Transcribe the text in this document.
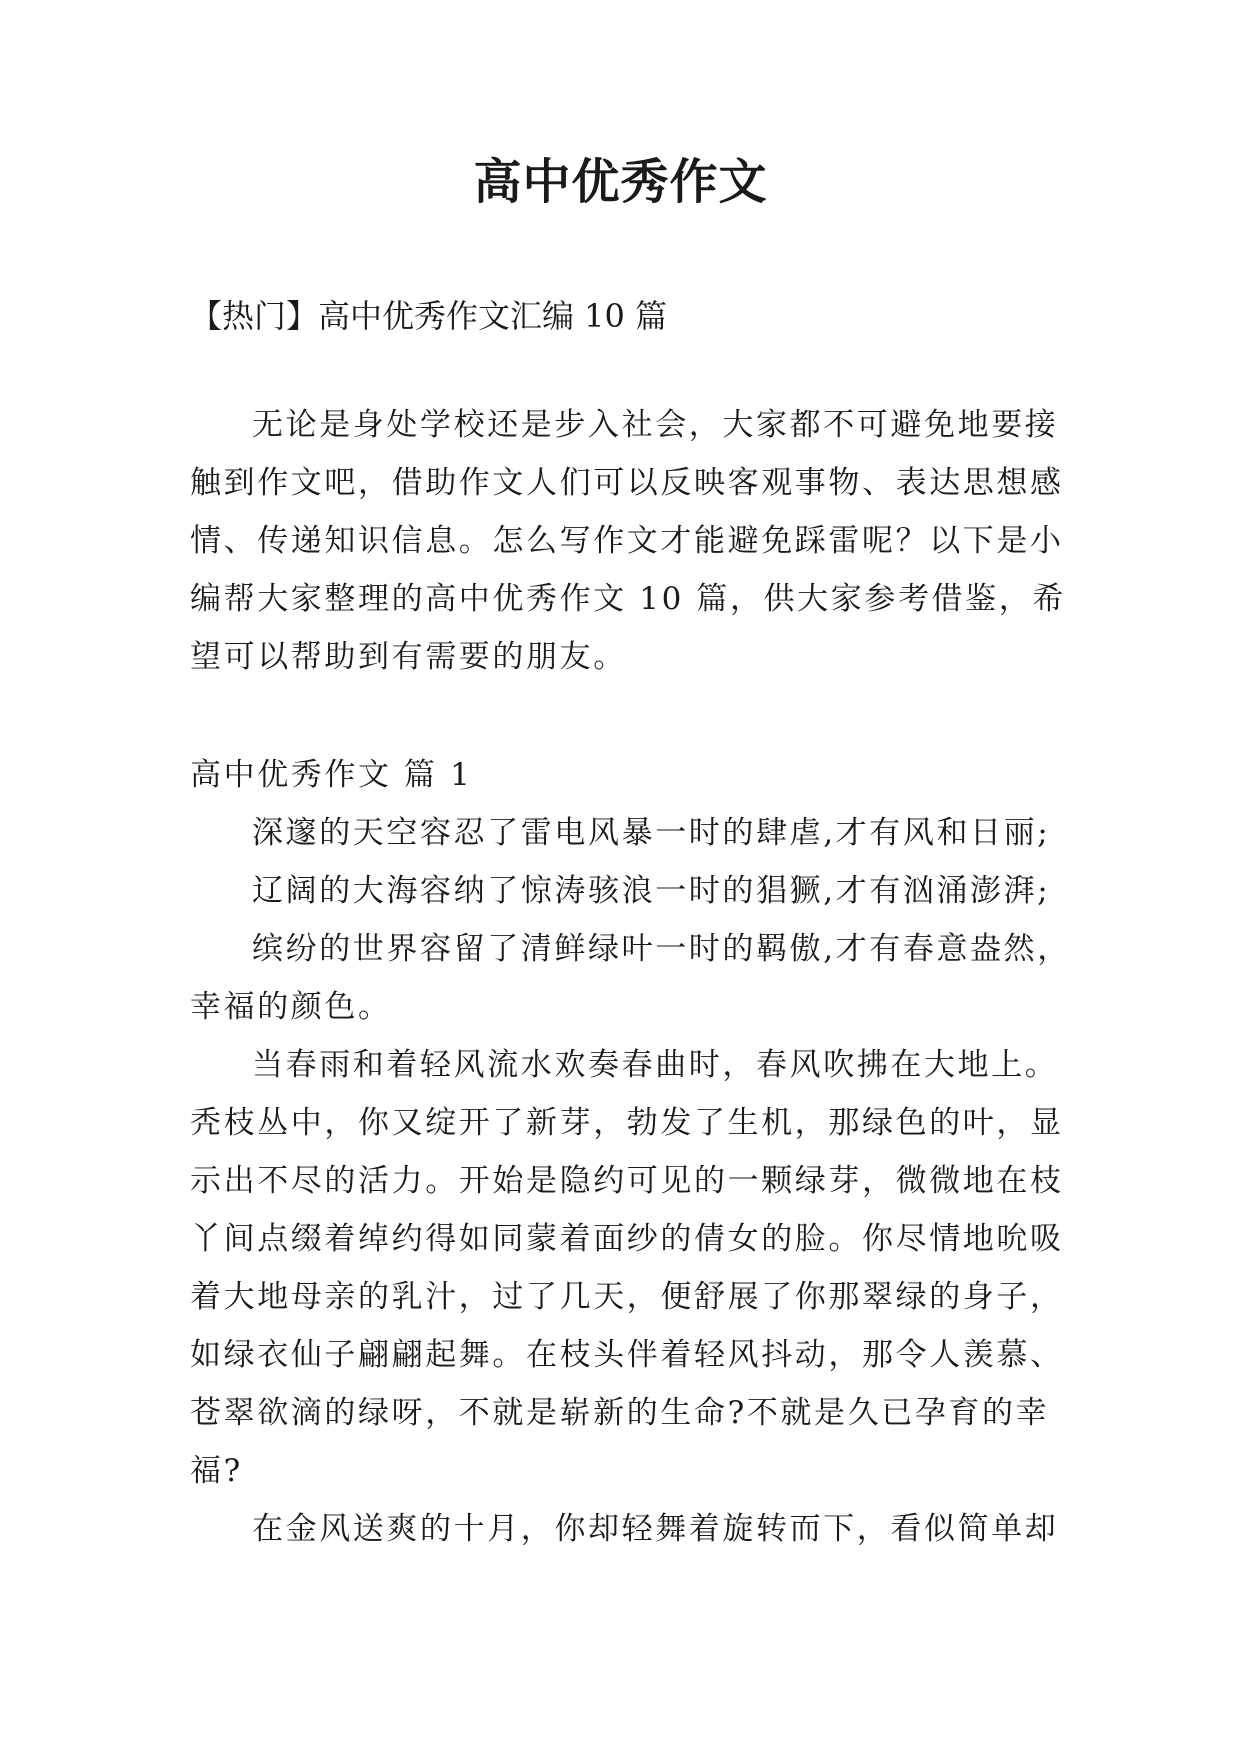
高中优秀作文
【热门】高中优秀作文汇编 10 篇
无论是身处学校还是步入社会，大家都不可避免地要接
触到作文吧，借助作文人们可以反映客观事物、表达思想感
情、传递知识信息。怎么写作文才能避免踩雷呢？以下是小
编帮大家整理的高中优秀作文 10 篇，供大家参考借鉴，希
望可以帮助到有需要的朋友。
高中优秀作文 篇 1
深邃的天空容忍了雷电风暴一时的肆虐,才有风和日丽;
辽阔的大海容纳了惊涛骇浪一时的猖獗,才有汹涌澎湃;
缤纷的世界容留了清鲜绿叶一时的羁傲,才有春意盎然，
幸福的颜色。
当春雨和着轻风流水欢奏春曲时，春风吹拂在大地上。
秃枝丛中，你又绽开了新芽，勃发了生机，那绿色的叶，显
示出不尽的活力。开始是隐约可见的一颗绿芽，微微地在枝
丫间点缀着绰约得如同蒙着面纱的倩女的脸。你尽情地吮吸
着大地母亲的乳汁，过了几天，便舒展了你那翠绿的身子，
如绿衣仙子翩翩起舞。在枝头伴着轻风抖动，那令人羡慕、
苍翠欲滴的绿呀，不就是崭新的生命?不就是久已孕育的幸
福?
在金风送爽的十月，你却轻舞着旋转而下，看似简单却
